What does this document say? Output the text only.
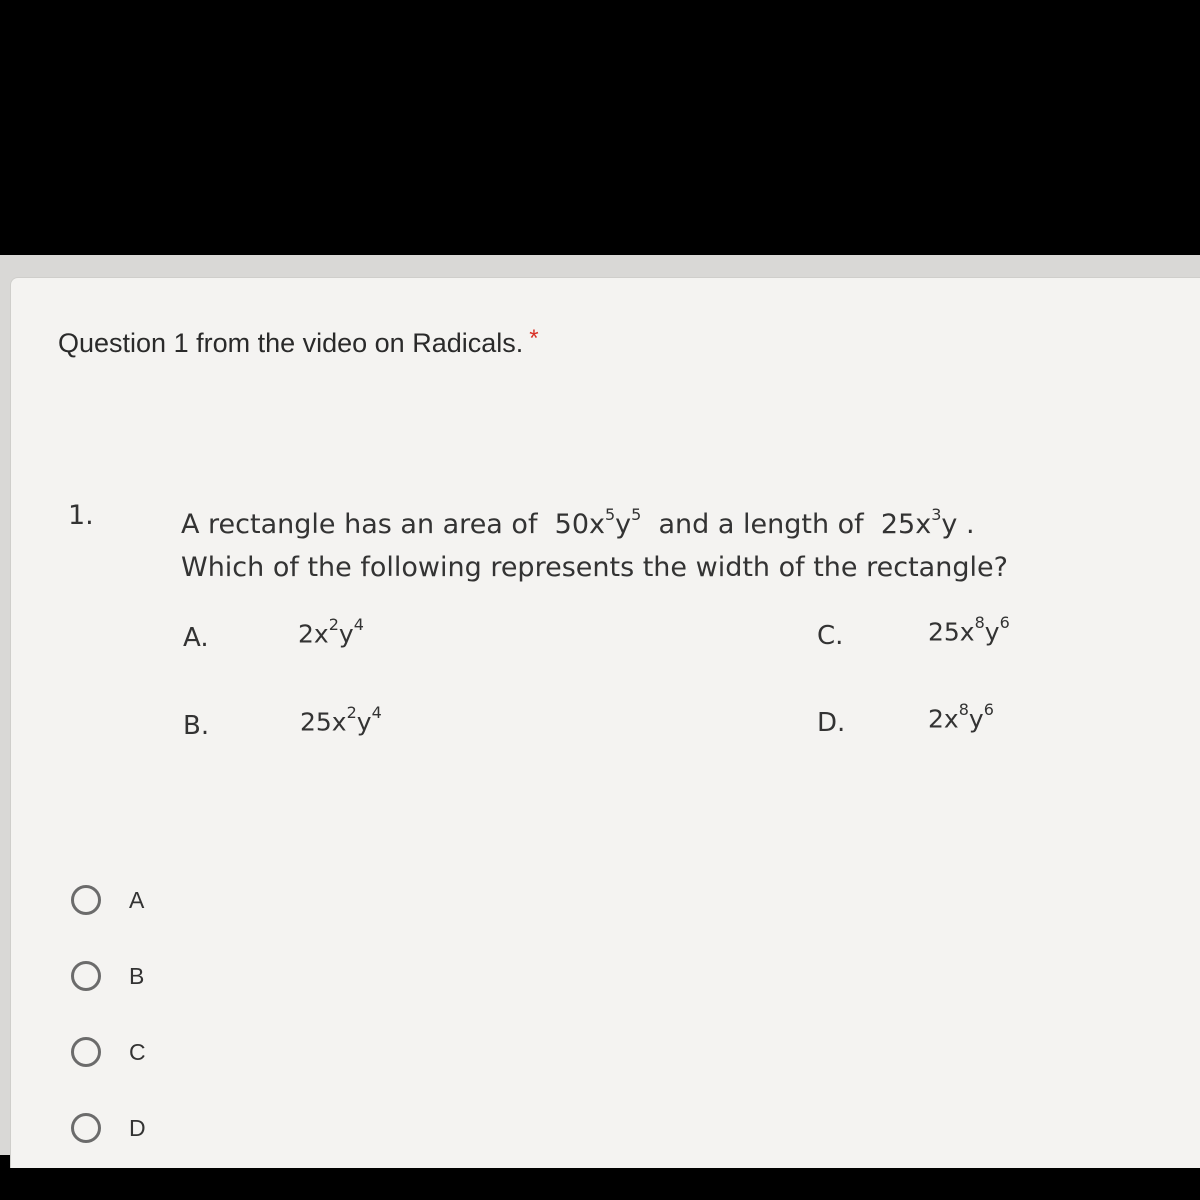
Question 1 from the video on Radicals. *
1.	A rectangle has an area of $50x^5y^5$ and a length of $25x^3y$ .
Which of the following represents the width of the rectangle?
A.	$2x^2y^4$
B.	$25x^2y^4$
C.	$25x^8y^6$
D.	$2x^8y^6$
A
B
C
D
